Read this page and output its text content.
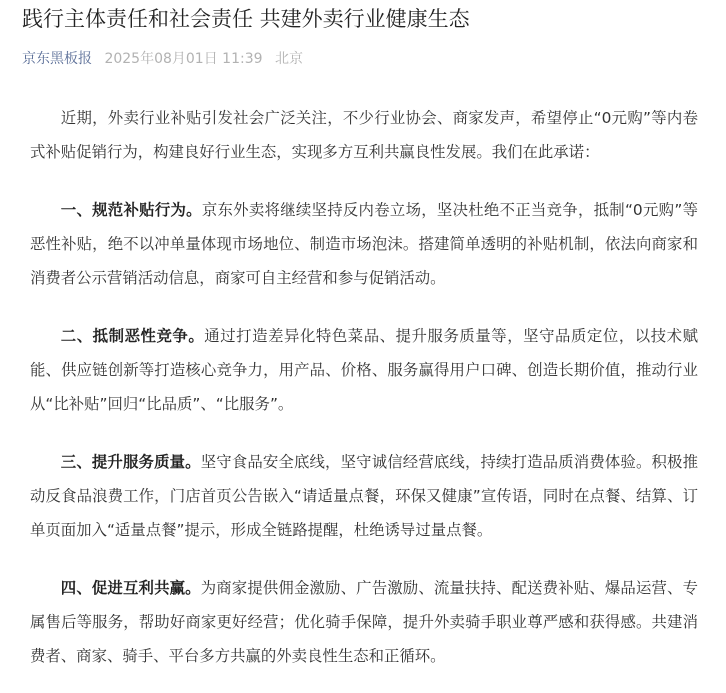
践行主体责任和社会责任 共建外卖行业健康生态
京东黑板报 2025年08月01日 11:39 北京

近期，外卖行业补贴引发社会广泛关注，不少行业协会、商家发声，希望停止“0元购”等内卷式补贴促销行为，构建良好行业生态，实现多方互利共赢良性发展。我们在此承诺：

一、规范补贴行为。京东外卖将继续坚持反内卷立场，坚决杜绝不正当竞争，抵制“0元购”等恶性补贴，绝不以冲单量体现市场地位、制造市场泡沫。搭建简单透明的补贴机制，依法向商家和消费者公示营销活动信息，商家可自主经营和参与促销活动。

二、抵制恶性竞争。通过打造差异化特色菜品、提升服务质量等，坚守品质定位，以技术赋能、供应链创新等打造核心竞争力，用产品、价格、服务赢得用户口碑、创造长期价值，推动行业从“比补贴”回归“比品质”、“比服务”。

三、提升服务质量。坚守食品安全底线，坚守诚信经营底线，持续打造品质消费体验。积极推动反食品浪费工作，门店首页公告嵌入“请适量点餐，环保又健康”宣传语，同时在点餐、结算、订单页面加入“适量点餐”提示，形成全链路提醒，杜绝诱导过量点餐。

四、促进互利共赢。为商家提供佣金激励、广告激励、流量扶持、配送费补贴、爆品运营、专属售后等服务，帮助好商家更好经营；优化骑手保障，提升外卖骑手职业尊严感和获得感。共建消费者、商家、骑手、平台多方共赢的外卖良性生态和正循环。
